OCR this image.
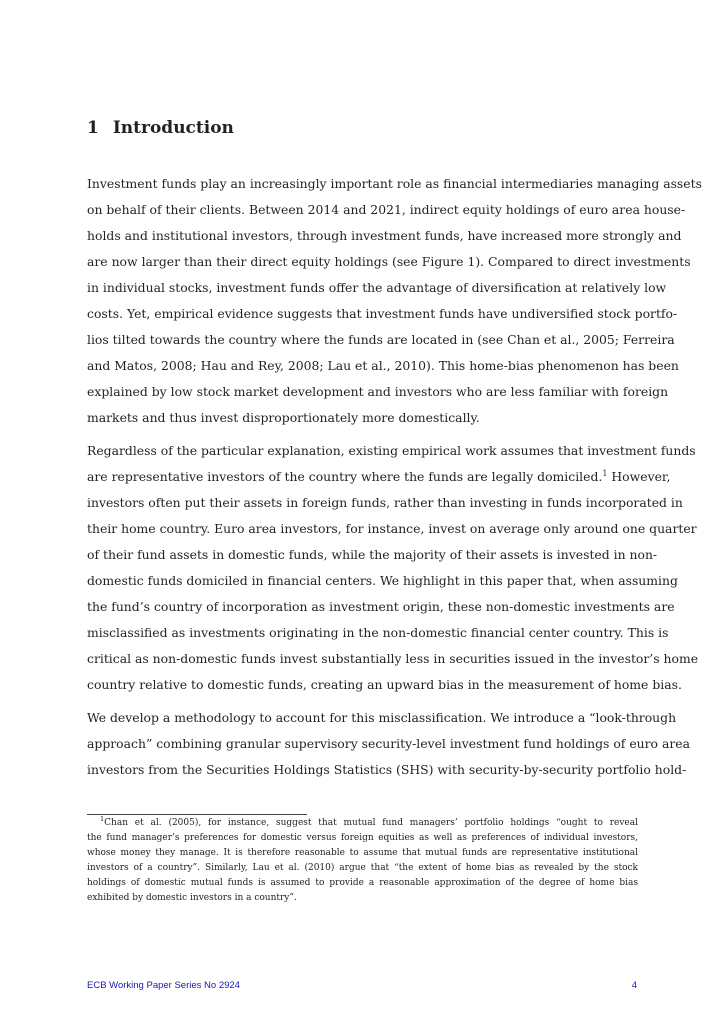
1 Introduction
Investment funds play an increasingly important role as financial intermediaries managing assets
on behalf of their clients. Between 2014 and 2021, indirect equity holdings of euro area house-
holds and institutional investors, through investment funds, have increased more strongly and
are now larger than their direct equity holdings (see Figure 1). Compared to direct investments
in individual stocks, investment funds offer the advantage of diversification at relatively low
costs. Yet, empirical evidence suggests that investment funds have undiversified stock portfo-
lios tilted towards the country where the funds are located in (see Chan et al., 2005; Ferreira
and Matos, 2008; Hau and Rey, 2008; Lau et al., 2010). This home-bias phenomenon has been
explained by low stock market development and investors who are less familiar with foreign
markets and thus invest disproportionately more domestically.
Regardless of the particular explanation, existing empirical work assumes that investment funds
are representative investors of the country where the funds are legally domiciled.$^1$ However,
investors often put their assets in foreign funds, rather than investing in funds incorporated in
their home country. Euro area investors, for instance, invest on average only around one quarter
of their fund assets in domestic funds, while the majority of their assets is invested in non-
domestic funds domiciled in financial centers. We highlight in this paper that, when assuming
the fund’s country of incorporation as investment origin, these non-domestic investments are
misclassified as investments originating in the non-domestic financial center country. This is
critical as non-domestic funds invest substantially less in securities issued in the investor’s home
country relative to domestic funds, creating an upward bias in the measurement of home bias.
We develop a methodology to account for this misclassification. We introduce a “look-through
approach” combining granular supervisory security-level investment fund holdings of euro area
investors from the Securities Holdings Statistics (SHS) with security-by-security portfolio hold-
$^1$Chan et al. (2005), for instance, suggest that mutual fund managers’ portfolio holdings “ought to reveal
the fund manager’s preferences for domestic versus foreign equities as well as preferences of individual investors,
whose money they manage. It is therefore reasonable to assume that mutual funds are representative institutional
investors of a country”. Similarly, Lau et al. (2010) argue that “the extent of home bias as revealed by the stock
holdings of domestic mutual funds is assumed to provide a reasonable approximation of the degree of home bias
exhibited by domestic investors in a country”.
ECB Working Paper Series No 2924	4
